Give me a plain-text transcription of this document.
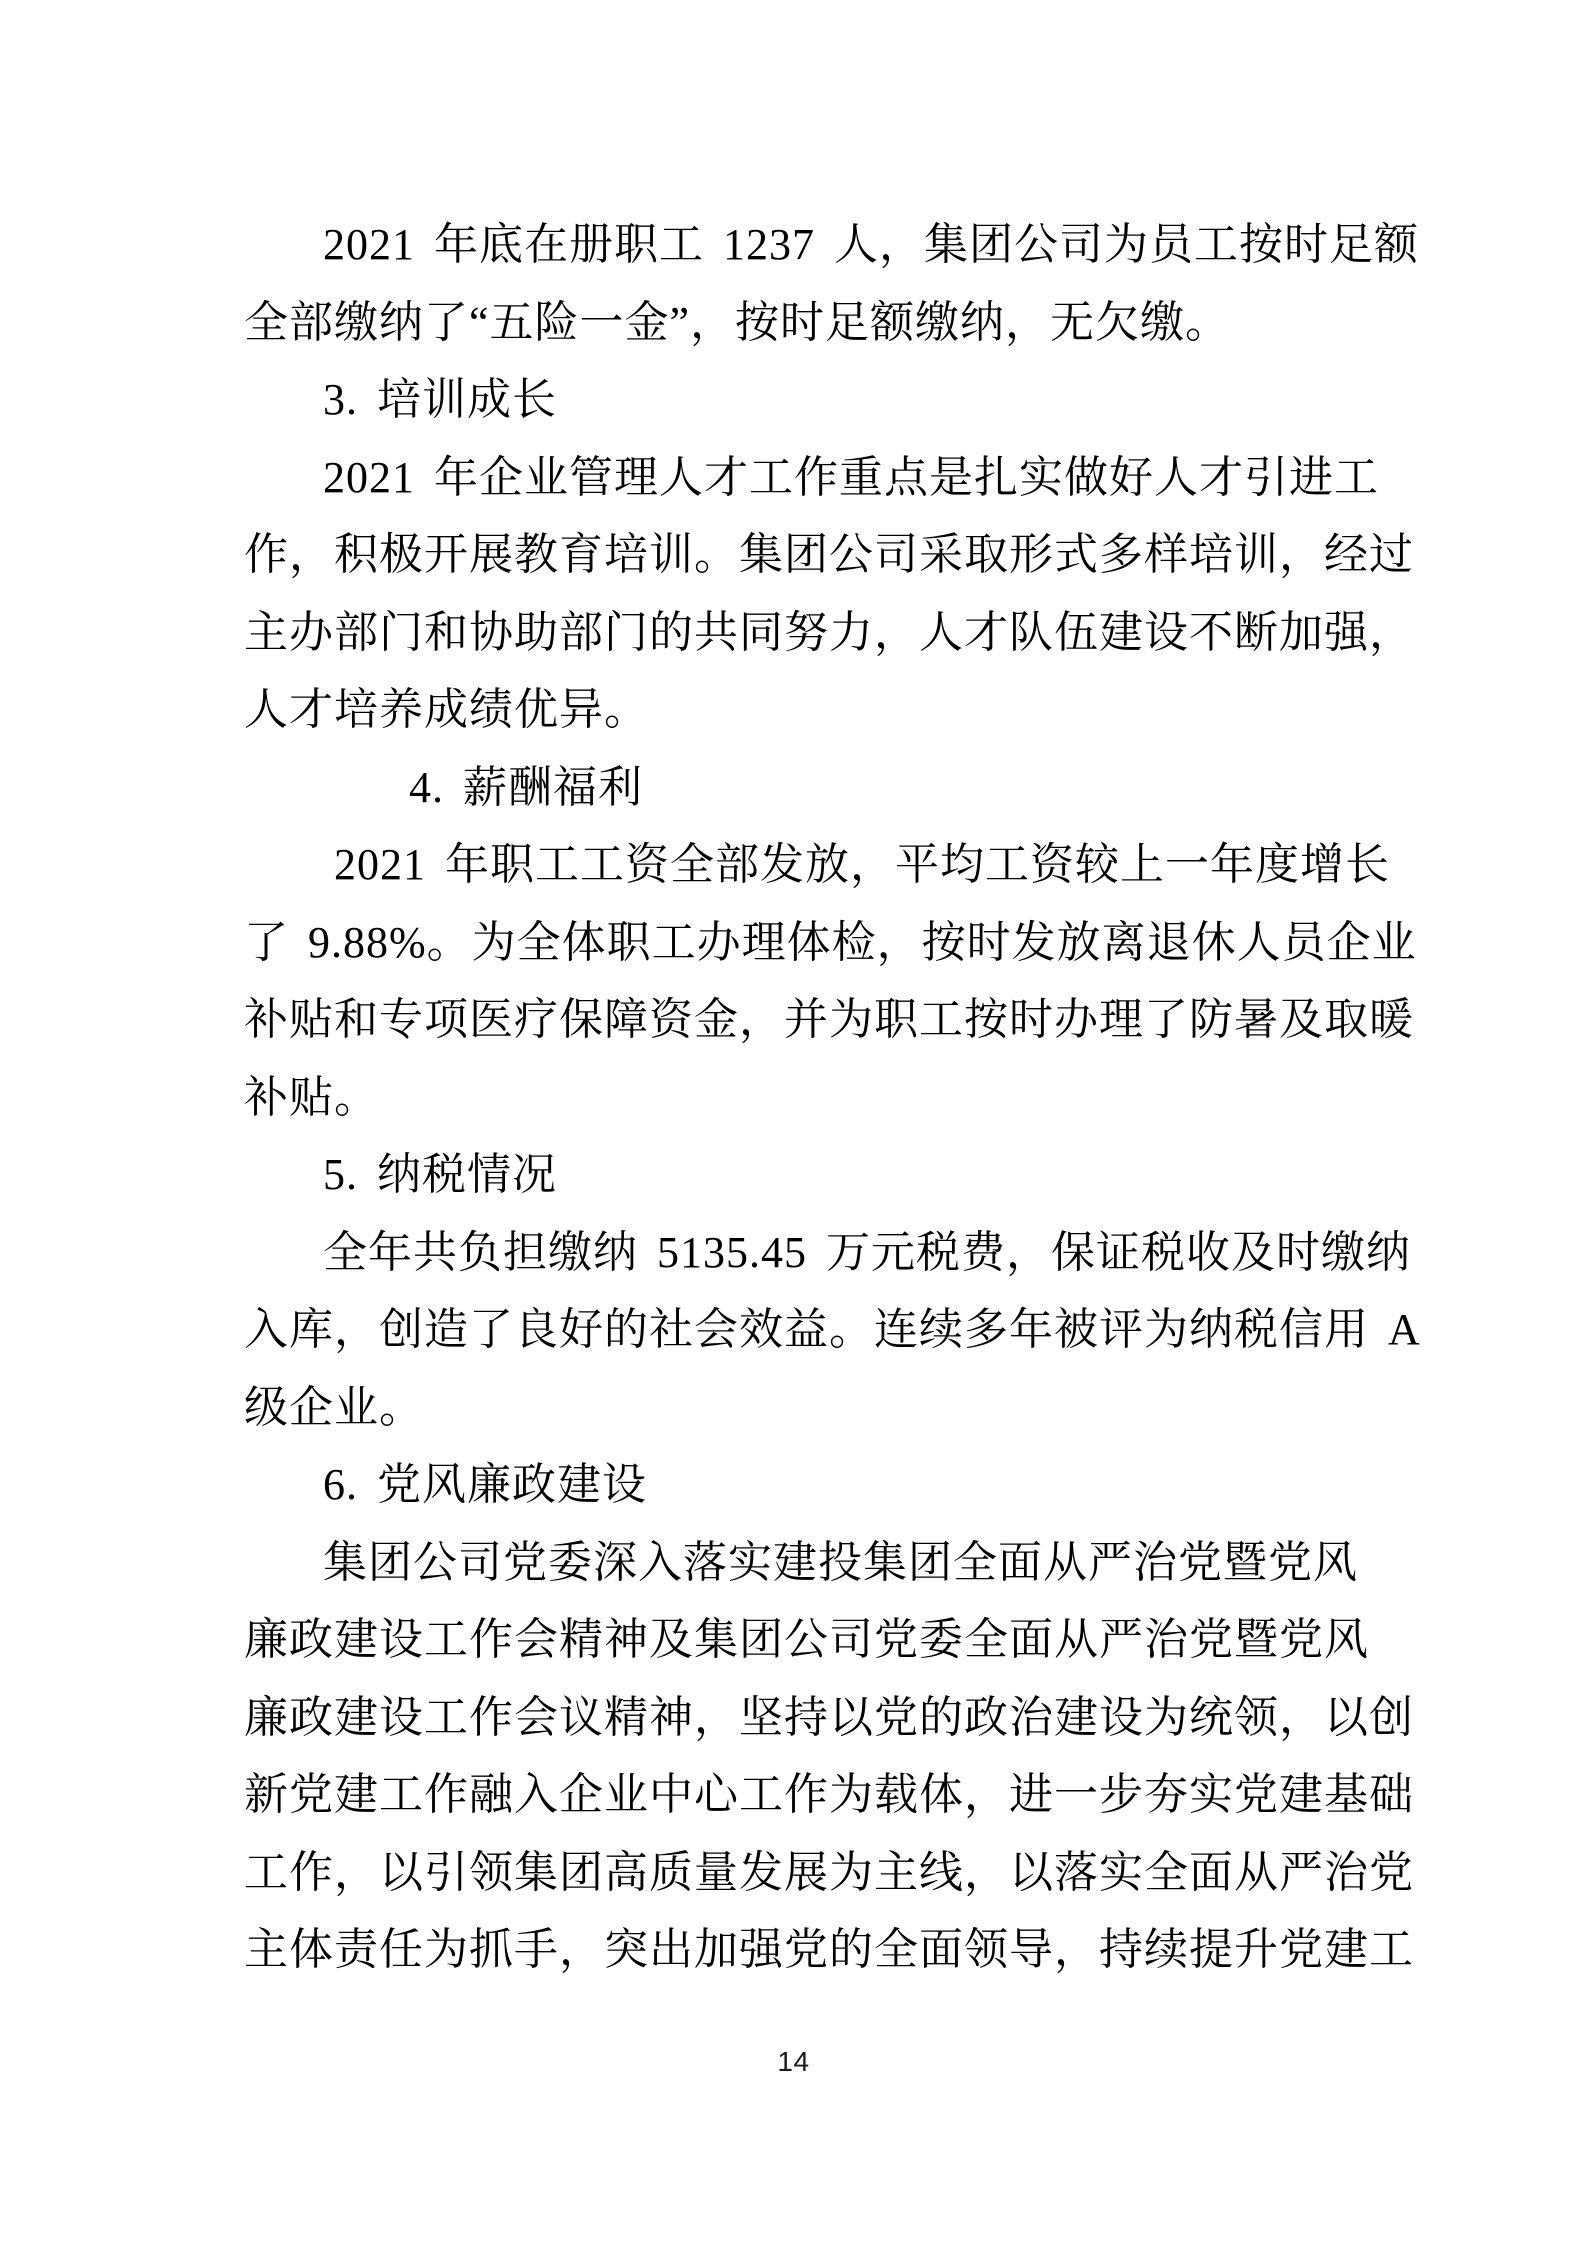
2021 年底在册职工 1237 人，集团公司为员工按时足额
全部缴纳了“五险一金”，按时足额缴纳，无欠缴。
3. 培训成长
2021 年企业管理人才工作重点是扎实做好人才引进工
作，积极开展教育培训。集团公司采取形式多样培训，经过
主办部门和协助部门的共同努力，人才队伍建设不断加强，
人才培养成绩优异。
4. 薪酬福利
2021 年职工工资全部发放，平均工资较上一年度增长
了 9.88%。为全体职工办理体检，按时发放离退休人员企业
补贴和专项医疗保障资金，并为职工按时办理了防暑及取暖
补贴。
5. 纳税情况
全年共负担缴纳 5135.45 万元税费，保证税收及时缴纳
入库，创造了良好的社会效益。连续多年被评为纳税信用 A
级企业。
6. 党风廉政建设
集团公司党委深入落实建投集团全面从严治党暨党风
廉政建设工作会精神及集团公司党委全面从严治党暨党风
廉政建设工作会议精神，坚持以党的政治建设为统领，以创
新党建工作融入企业中心工作为载体，进一步夯实党建基础
工作，以引领集团高质量发展为主线，以落实全面从严治党
主体责任为抓手，突出加强党的全面领导，持续提升党建工
14
